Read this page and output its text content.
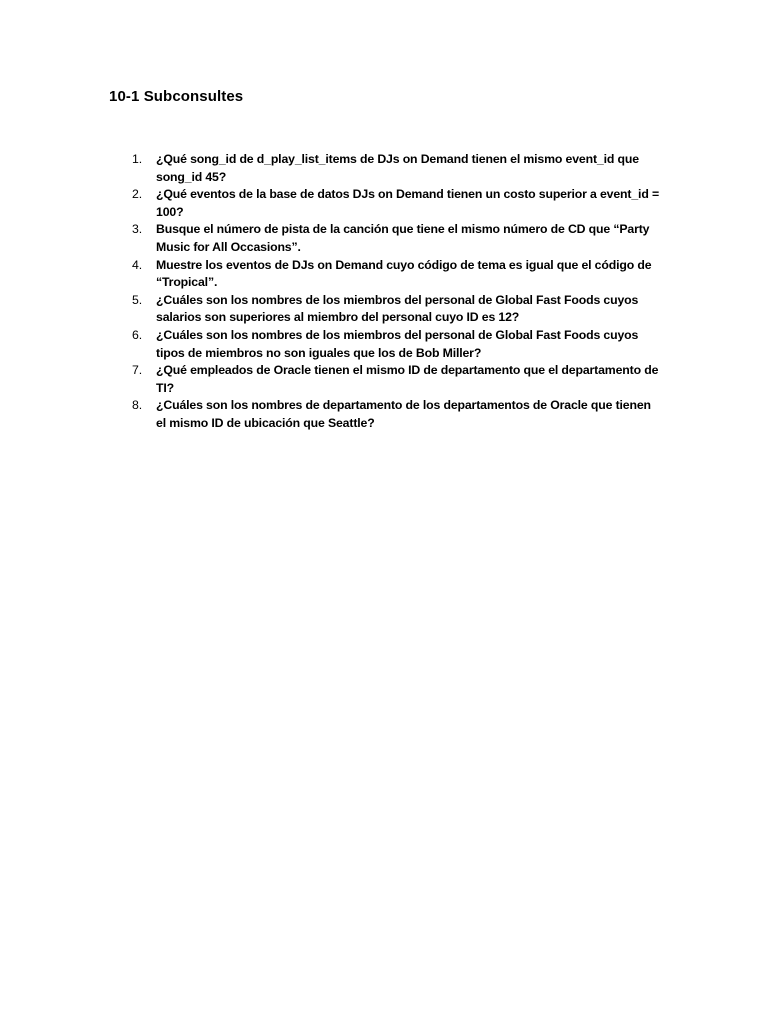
10-1 Subconsultes
1. ¿Qué song_id de d_play_list_items de DJs on Demand tienen el mismo event_id que song_id 45?
2. ¿Qué eventos de la base de datos DJs on Demand tienen un costo superior a event_id = 100?
3. Busque el número de pista de la canción que tiene el mismo número de CD que “Party Music for All Occasions”.
4. Muestre los eventos de DJs on Demand cuyo código de tema es igual que el código de “Tropical”.
5. ¿Cuáles son los nombres de los miembros del personal de Global Fast Foods cuyos salarios son superiores al miembro del personal cuyo ID es 12?
6. ¿Cuáles son los nombres de los miembros del personal de Global Fast Foods cuyos tipos de miembros no son iguales que los de Bob Miller?
7. ¿Qué empleados de Oracle tienen el mismo ID de departamento que el departamento de TI?
8. ¿Cuáles son los nombres de departamento de los departamentos de Oracle que tienen el mismo ID de ubicación que Seattle?
